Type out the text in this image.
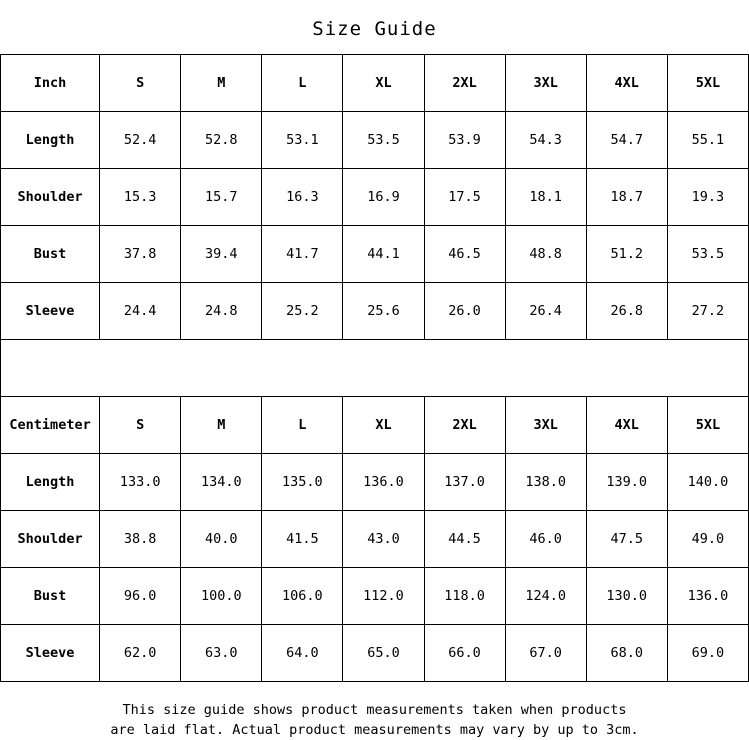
Size Guide
Inch	S	M	L	XL	2XL	3XL	4XL	5XL
Length	52.4	52.8	53.1	53.5	53.9	54.3	54.7	55.1
Shoulder	15.3	15.7	16.3	16.9	17.5	18.1	18.7	19.3
Bust	37.8	39.4	41.7	44.1	46.5	48.8	51.2	53.5
Sleeve	24.4	24.8	25.2	25.6	26.0	26.4	26.8	27.2
Centimeter	S	M	L	XL	2XL	3XL	4XL	5XL
Length	133.0	134.0	135.0	136.0	137.0	138.0	139.0	140.0
Shoulder	38.8	40.0	41.5	43.0	44.5	46.0	47.5	49.0
Bust	96.0	100.0	106.0	112.0	118.0	124.0	130.0	136.0
Sleeve	62.0	63.0	64.0	65.0	66.0	67.0	68.0	69.0
This size guide shows product measurements taken when products
are laid flat. Actual product measurements may vary by up to 3cm.
